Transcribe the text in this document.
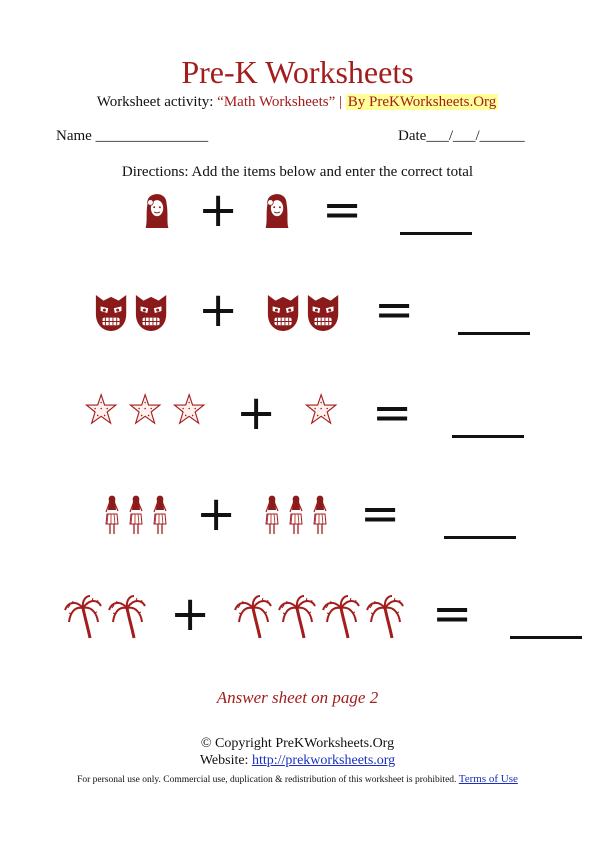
Pre-K Worksheets
Worksheet activity: “Math Worksheets” | By PreKWorksheets.Org
Name _______________	Date___/___/______
Directions: Add the items below and enter the correct total
+ =
+	=
+ =
+	=
+	=
Answer sheet on page 2
© Copyright PreKWorksheets.Org
Website: http://prekworksheets.org
For personal use only. Commercial use, duplication & redistribution of this worksheet is prohibited. Terms of Use
